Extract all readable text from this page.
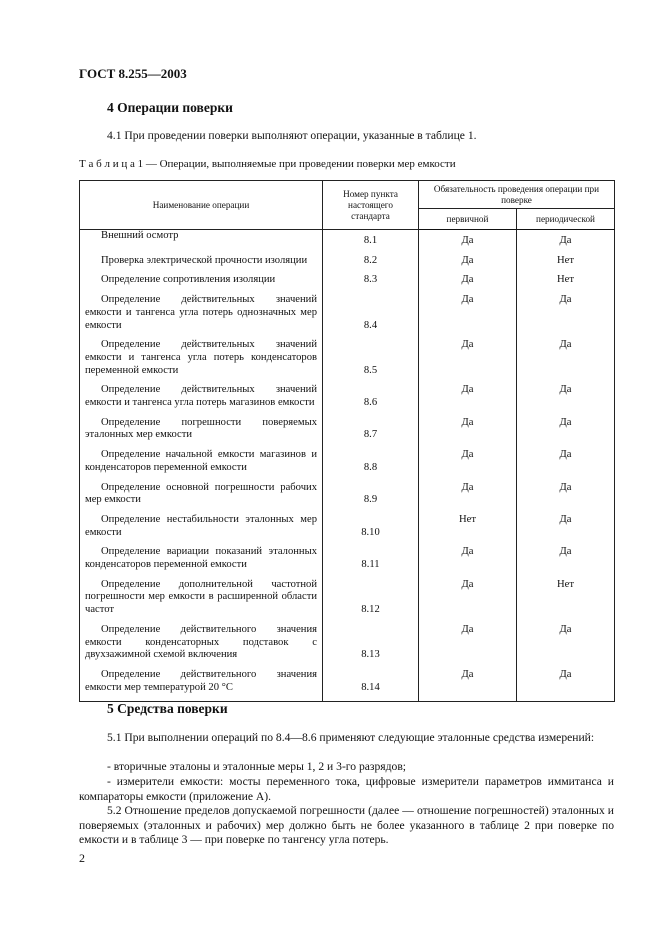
ГОСТ 8.255—2003
4 Операции поверки
4.1 При проведении поверки выполняют операции, указанные в таблице 1.
Т а б л и ц а 1 — Операции, выполняемые при проведении поверки мер емкости
Наименование операции	Номер пункта настоящего стандарта	Обязательность проведения операции при поверке	
		первичной	периодической
Внешний осмотр	8.1	Да	Да
Проверка электрической прочности изоляции	8.2	Да	Нет
Определение сопротивления изоляции	8.3	Да	Нет
Определение действительных значений емкости и тангенса угла потерь однозначных мер емкости	8.4	Да	Да
Определение действительных значений емкости и тангенса угла потерь конденсаторов переменной емкости	8.5	Да	Да
Определение действительных значений емкости и тангенса угла потерь магазинов емкости	8.6	Да	Да
Определение погрешности поверяемых эталонных мер емкости	8.7	Да	Да
Определение начальной емкости магазинов и конденсаторов переменной емкости	8.8	Да	Да
Определение основной погрешности рабочих мер емкости	8.9	Да	Да
Определение нестабильности эталонных мер емкости	8.10	Нет	Да
Определение вариации показаний эталонных конденсаторов переменной емкости	8.11	Да	Да
Определение дополнительной частотной погрешности мер емкости в расширенной области частот	8.12	Да	Нет
Определение действительного значения емкости конденсаторных подставок с двухзажимной схемой включения	8.13	Да	Да
Определение действительного значения емкости мер температурой 20 °С	8.14	Да	Да
5 Средства поверки
5.1 При выполнении операций по 8.4—8.6 применяют следующие эталонные средства измерений:
- вторичные эталоны и эталонные меры 1, 2 и 3-го разрядов;
- измерители емкости: мосты переменного тока, цифровые измерители параметров иммитанса и компараторы емкости (приложение А).
5.2 Отношение пределов допускаемой погрешности (далее — отношение погрешностей) эталонных и поверяемых (эталонных и рабочих) мер должно быть не более указанного в таблице 2 при поверке по емкости и в таблице 3 — при поверке по тангенсу угла потерь.
2
